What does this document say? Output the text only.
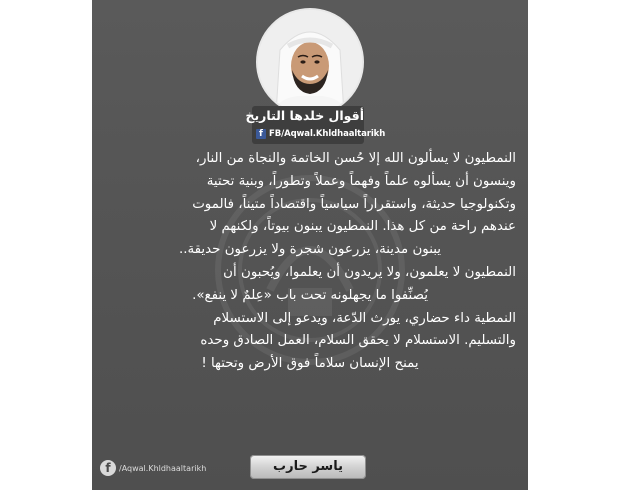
أقوال خلدها التاريخ
f FB/Aqwal.Khldhaaltarikh
النمطيون لا يسألون الله إلا حُسن الخاتمة والنجاة من النار،
وينسون أن يسألوه علماً وفهماً وعملاً وتطوراً، وبنية تحتية
وتكنولوجيا حديثة، واستقراراً سياسياً واقتصاداً متيناً، فالموت
عندهم راحة من كل هذا. النمطيون يبنون بيوتاً، ولكنهم لا
يبنون مدينة، يزرعون شجرة ولا يزرعون حديقة..
النمطيون لا يعلمون، ولا يريدون أن يعلموا، ويُحبون أن
يُصنِّفوا ما يجهلونه تحت باب «عِلمٌ لا ينفع».
النمطية داء حضاري، يورث الدّعة، ويدعو إلى الاستسلام
والتسليم. الاستسلام لا يحقق السلام، العمل الصادق وحده
يمنح الإنسان سلاماً فوق الأرض وتحتها !
f	/Aqwal.Khldhaaltarikh	ياسر حارب
